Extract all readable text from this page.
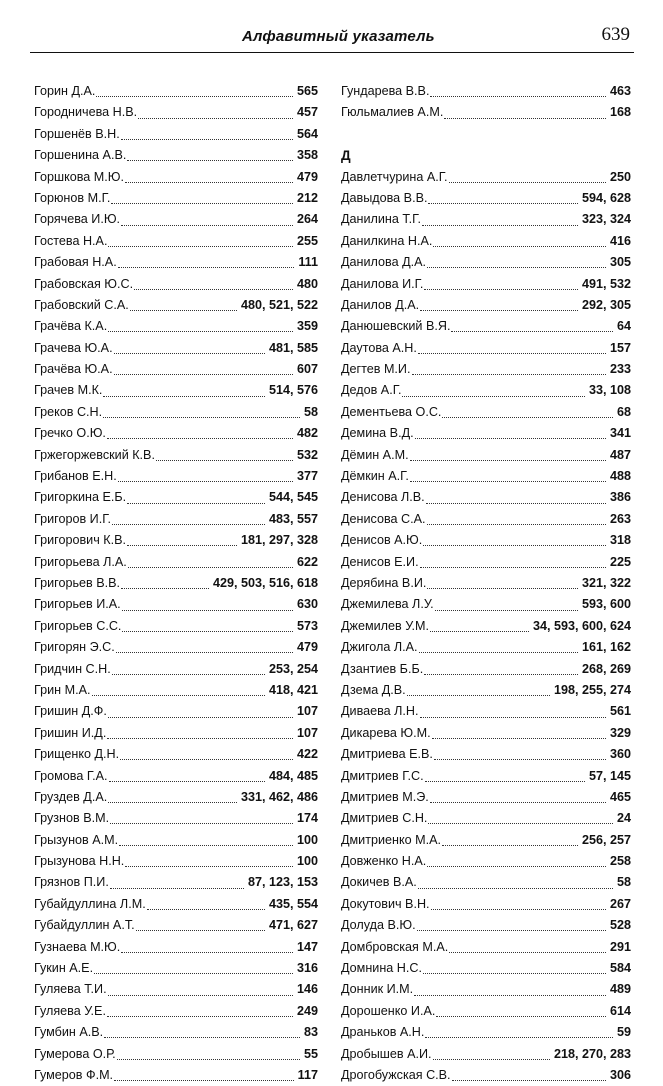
Алфавитный указатель	639
Горин Д.А.	565
Городничева Н.В.	457
Горшенёв В.Н.	564
Горшенина А.В.	358
Горшкова М.Ю.	479
Горюнов М.Г.	212
Горячева И.Ю.	264
Гостева Н.А.	255
Грабовая Н.А.	111
Грабовская Ю.С.	480
Грабовский С.А.	480, 521, 522
Грачёва К.А.	359
Грачева Ю.А.	481, 585
Грачёва Ю.А.	607
Грачев М.К.	514, 576
Греков С.Н.	58
Гречко О.Ю.	482
Гржегоржевский К.В.	532
Грибанов Е.Н.	377
Григоркина Е.Б.	544, 545
Григоров И.Г.	483, 557
Григорович К.В.	181, 297, 328
Григорьева Л.А.	622
Григорьев В.В.	429, 503, 516, 618
Григорьев И.А.	630
Григорьев С.С.	573
Григорян Э.С.	479
Гридчин С.Н.	253, 254
Грин М.А.	418, 421
Гришин Д.Ф.	107
Гришин И.Д.	107
Грищенко Д.Н.	422
Громова Г.А.	484, 485
Груздев Д.А.	331, 462, 486
Грузнов В.М.	174
Грызунов А.М.	100
Грызунова Н.Н.	100
Грязнов П.И.	87, 123, 153
Губайдуллина Л.М.	435, 554
Губайдуллин А.Т.	471, 627
Гузнаева М.Ю.	147
Гукин А.Е.	316
Гуляева Т.И.	146
Гуляева У.Е.	249
Гумбин А.В.	83
Гумерова О.Р.	55
Гумеров Ф.М.	117
Гундарева В.В.	463
Гюльмалиев А.М.	168
Д
Давлетчурина А.Г.	250
Давыдова В.В.	594, 628
Данилина Т.Г.	323, 324
Данилкина Н.А.	416
Данилова Д.А.	305
Данилова И.Г.	491, 532
Данилов Д.А.	292, 305
Данюшевский В.Я.	64
Даутова А.Н.	157
Дегтев М.И.	233
Дедов А.Г.	33, 108
Дементьева О.С.	68
Демина В.Д.	341
Дёмин А.М.	487
Дёмкин А.Г.	488
Денисова Л.В.	386
Денисова С.А.	263
Денисов А.Ю.	318
Денисов Е.И.	225
Дерябина В.И.	321, 322
Джемилева Л.У.	593, 600
Джемилев У.М.	34, 593, 600, 624
Джигола Л.А.	161, 162
Дзантиев Б.Б.	268, 269
Дзема Д.В.	198, 255, 274
Диваева Л.Н.	561
Дикарева Ю.М.	329
Дмитриева Е.В.	360
Дмитриев Г.С.	57, 145
Дмитриев М.Э.	465
Дмитриев С.Н.	24
Дмитриенко М.А.	256, 257
Довженко Н.А.	258
Докичев В.А.	58
Докутович В.Н.	267
Долуда В.Ю.	528
Домбровская М.А.	291
Домнина Н.С.	584
Донник И.М.	489
Дорошенко И.А.	614
Драньков А.Н.	59
Дробышев А.И.	218, 270, 283
Дрогобужская С.В.	306
